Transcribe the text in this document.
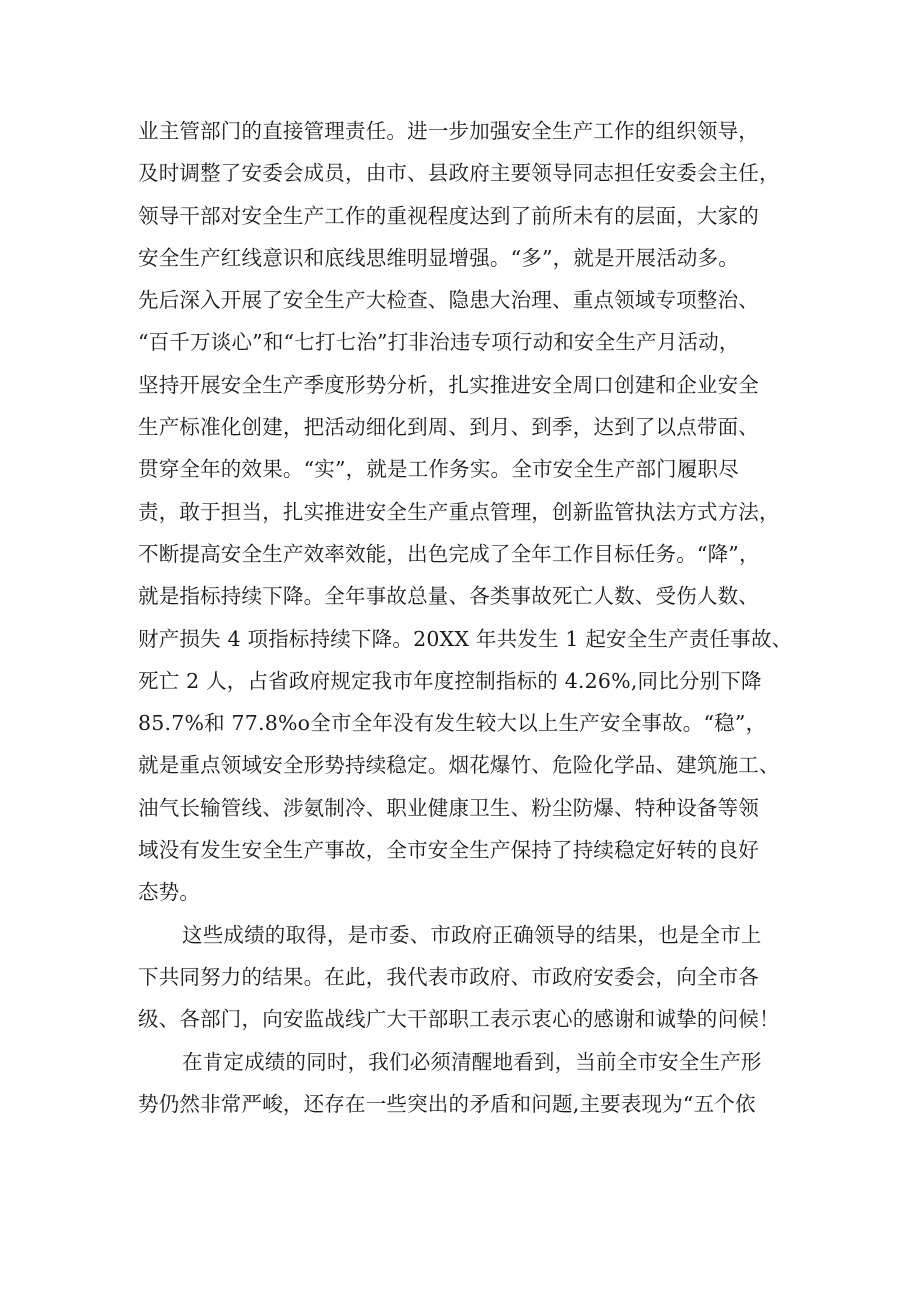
业主管部门的直接管理责任。进一步加强安全生产工作的组织领导，
及时调整了安委会成员，由市、县政府主要领导同志担任安委会主任，
领导干部对安全生产工作的重视程度达到了前所未有的层面，大家的
安全生产红线意识和底线思维明显增强。“多”，就是开展活动多。
先后深入开展了安全生产大检查、隐患大治理、重点领域专项整治、
“百千万谈心”和“七打七治”打非治违专项行动和安全生产月活动，
坚持开展安全生产季度形势分析，扎实推进安全周口创建和企业安全
生产标准化创建，把活动细化到周、到月、到季，达到了以点带面、
贯穿全年的效果。“实”，就是工作务实。全市安全生产部门履职尽
责，敢于担当，扎实推进安全生产重点管理，创新监管执法方式方法，
不断提高安全生产效率效能，出色完成了全年工作目标任务。“降”，
就是指标持续下降。全年事故总量、各类事故死亡人数、受伤人数、
财产损失 4 项指标持续下降。20XX 年共发生 1 起安全生产责任事故、
死亡 2 人，占省政府规定我市年度控制指标的 4.26%,同比分别下降
85.7%和 77.8%o全市全年没有发生较大以上生产安全事故。“稳”，
就是重点领域安全形势持续稳定。烟花爆竹、危险化学品、建筑施工、
油气长输管线、涉氨制冷、职业健康卫生、粉尘防爆、特种设备等领
域没有发生安全生产事故，全市安全生产保持了持续稳定好转的良好
态势。
这些成绩的取得，是市委、市政府正确领导的结果，也是全市上
下共同努力的结果。在此，我代表市政府、市政府安委会，向全市各
级、各部门，向安监战线广大干部职工表示衷心的感谢和诚挚的问候！
在肯定成绩的同时，我们必须清醒地看到，当前全市安全生产形
势仍然非常严峻，还存在一些突出的矛盾和问题,主要表现为“五个依
